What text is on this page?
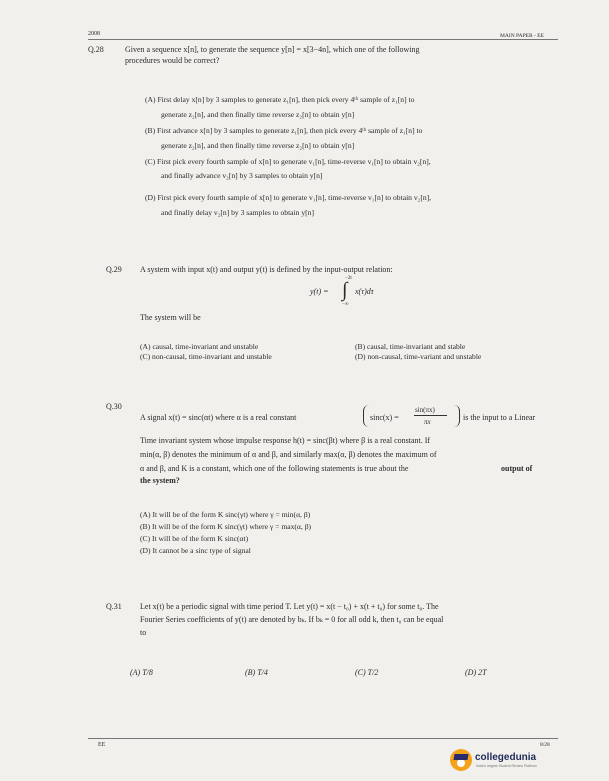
2008	MAIN PAPER - EE
Q.28	Given a sequence x[n], to generate the sequence y[n] = x[3−4n], which one of the following
procedures would be correct?
(A) First delay x[n] by 3 samples to generate z₁[n], then pick every 4ᵗʰ sample of z₁[n] to
generate z₂[n], and then finally time reverse z₂[n] to obtain y[n]
(B) First advance x[n] by 3 samples to generate z₁[n], then pick every 4ᵗʰ sample of z₁[n] to
generate z₂[n], and then finally time reverse z₂[n] to obtain y[n]
(C) First pick every fourth sample of x[n] to generate v₁[n], time-reverse v₁[n] to obtain v₂[n],
and finally advance v₂[n] by 3 samples to obtain y[n]
(D) First pick every fourth sample of x[n] to generate v₁[n], time-reverse v₁[n] to obtain v₂[n],
and finally delay v₂[n] by 3 samples to obtain y[n]
Q.29 A system with input x(t) and output y(t) is defined by the input-output relation:
y(t) = ∫
−2t
−∞
x(τ)dτ
The system will be
(A) causal, time-invariant and unstable	(B) causal, time-invariant and stable
(C) non-causal, time-invariant and unstable	(D) non-causal, time-variant and unstable
Q.30
A signal x(t) = sinc(αt) where α is a real constant	sinc(x) =
sin(πx)
πx	is the input to a Linear
Time invariant system whose impulse response h(t) = sinc(βt) where β is a real constant. If
min(α, β) denotes the minimum of α and β, and similarly max(α, β) denotes the maximum of
α and β, and K is a constant, which one of the following statements is true about the	output of
the system?
(A) It will be of the form K sinc(γt) where γ = min(α, β)
(B) It will be of the form K sinc(γt) where γ = max(α, β)
(C) It will be of the form K sinc(αt)
(D) It cannot be a sinc type of signal
Q.31 Let x(t) be a periodic signal with time period T. Let y(t) = x(t − t₀) + x(t + t₀) for some t₀. The
Fourier Series coefficients of y(t) are denoted by bₖ. If bₖ = 0 for all odd k, then t₀ can be equal
to
(A) T/8	(B) T/4	(C) T/2	(D) 2T
EE	8/28
collegedunia
India's largest Student Review Platform
